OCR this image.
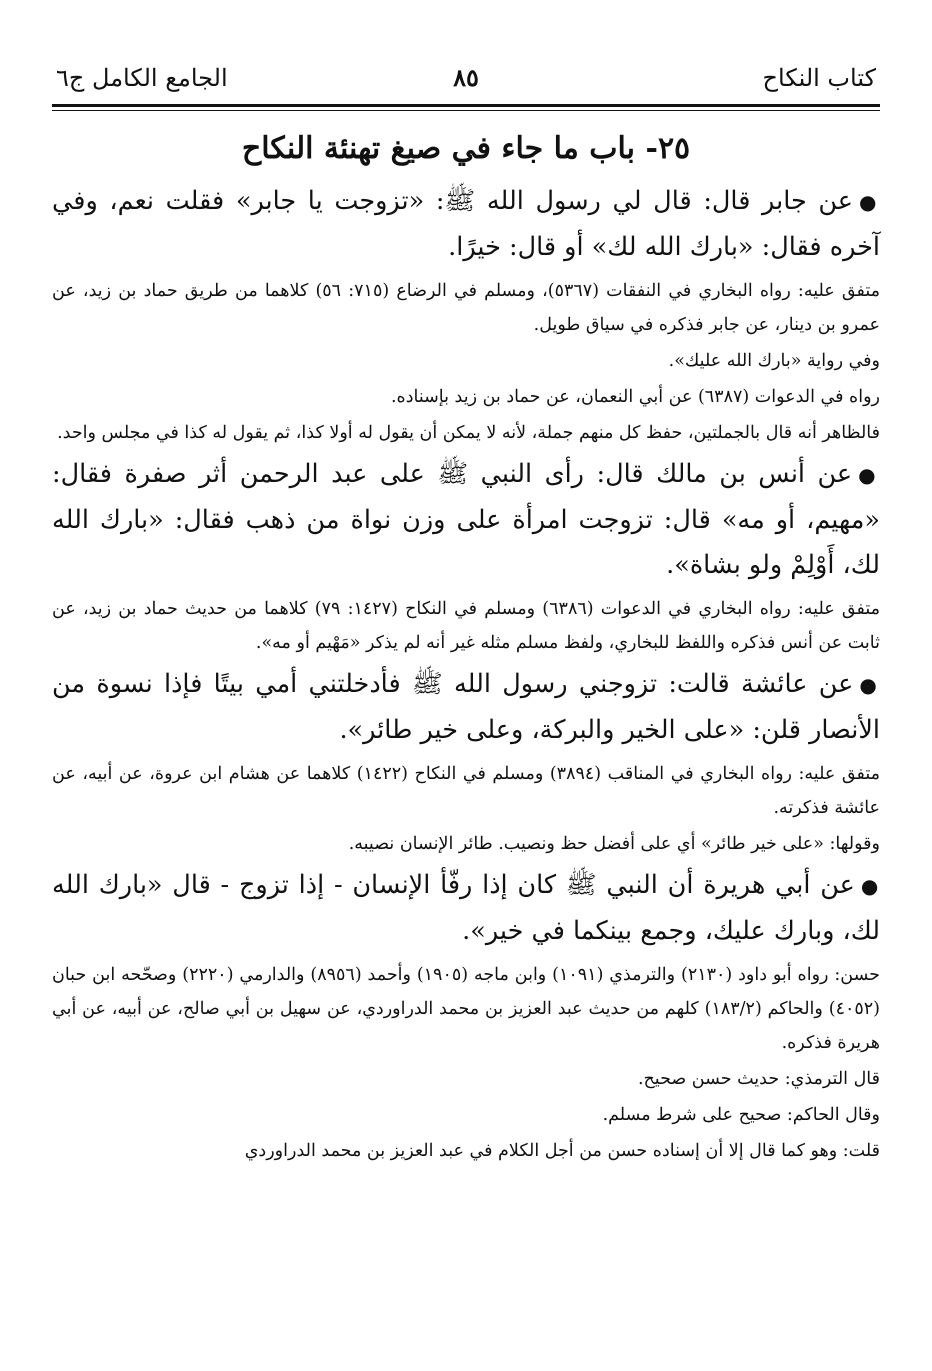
كتاب النكاح
٨٥
الجامع الكامل ج٦
٢٥- باب ما جاء في صيغ تهنئة النكاح

●عن جابر قال: قال لي رسول الله ﷺ: «تزوجت يا جابر» فقلت نعم، وفي آخره فقال: «بارك الله لك» أو قال: خيرًا.

متفق عليه: رواه البخاري في النفقات (٥٣٦٧)، ومسلم في الرضاع (٧١٥: ٥٦) كلاهما من طريق حماد بن زيد، عن عمرو بن دينار، عن جابر فذكره في سياق طويل.

وفي رواية «بارك الله عليك».

رواه في الدعوات (٦٣٨٧) عن أبي النعمان، عن حماد بن زيد بإسناده.

فالظاهر أنه قال بالجملتين، حفظ كل منهم جملة، لأنه لا يمكن أن يقول له أولا كذا، ثم يقول له كذا في مجلس واحد.

●عن أنس بن مالك قال: رأى النبي ﷺ على عبد الرحمن أثر صفرة فقال: «مهيم، أو مه» قال: تزوجت امرأة على وزن نواة من ذهب فقال: «بارك الله لك، أَوْلِمْ ولو بشاة».

متفق عليه: رواه البخاري في الدعوات (٦٣٨٦) ومسلم في النكاح (١٤٢٧: ٧٩) كلاهما من حديث حماد بن زيد، عن ثابت عن أنس فذكره واللفظ للبخاري، ولفظ مسلم مثله غير أنه لم يذكر «مَهْيم أو مه».

●عن عائشة قالت: تزوجني رسول الله ﷺ فأدخلتني أمي بيتًا فإذا نسوة من الأنصار قلن: «على الخير والبركة، وعلى خير طائر».

متفق عليه: رواه البخاري في المناقب (٣٨٩٤) ومسلم في النكاح (١٤٢٢) كلاهما عن هشام ابن عروة، عن أبيه، عن عائشة فذكرته.

وقولها: «على خير طائر» أي على أفضل حظ ونصيب. طائر الإنسان نصيبه.

●عن أبي هريرة أن النبي ﷺ كان إذا رفّأ الإنسان - إذا تزوج - قال «بارك الله لك، وبارك عليك، وجمع بينكما في خير».

حسن: رواه أبو داود (٢١٣٠) والترمذي (١٠٩١) وابن ماجه (١٩٠٥) وأحمد (٨٩٥٦) والدارمي (٢٢٢٠) وصحّحه ابن حبان (٤٠٥٢) والحاكم (١٨٣/٢) كلهم من حديث عبد العزيز بن محمد الدراوردي، عن سهيل بن أبي صالح، عن أبيه، عن أبي هريرة فذكره.

قال الترمذي: حديث حسن صحيح.

وقال الحاكم: صحيح على شرط مسلم.

قلت: وهو كما قال إلا أن إسناده حسن من أجل الكلام في عبد العزيز بن محمد الدراوردي
